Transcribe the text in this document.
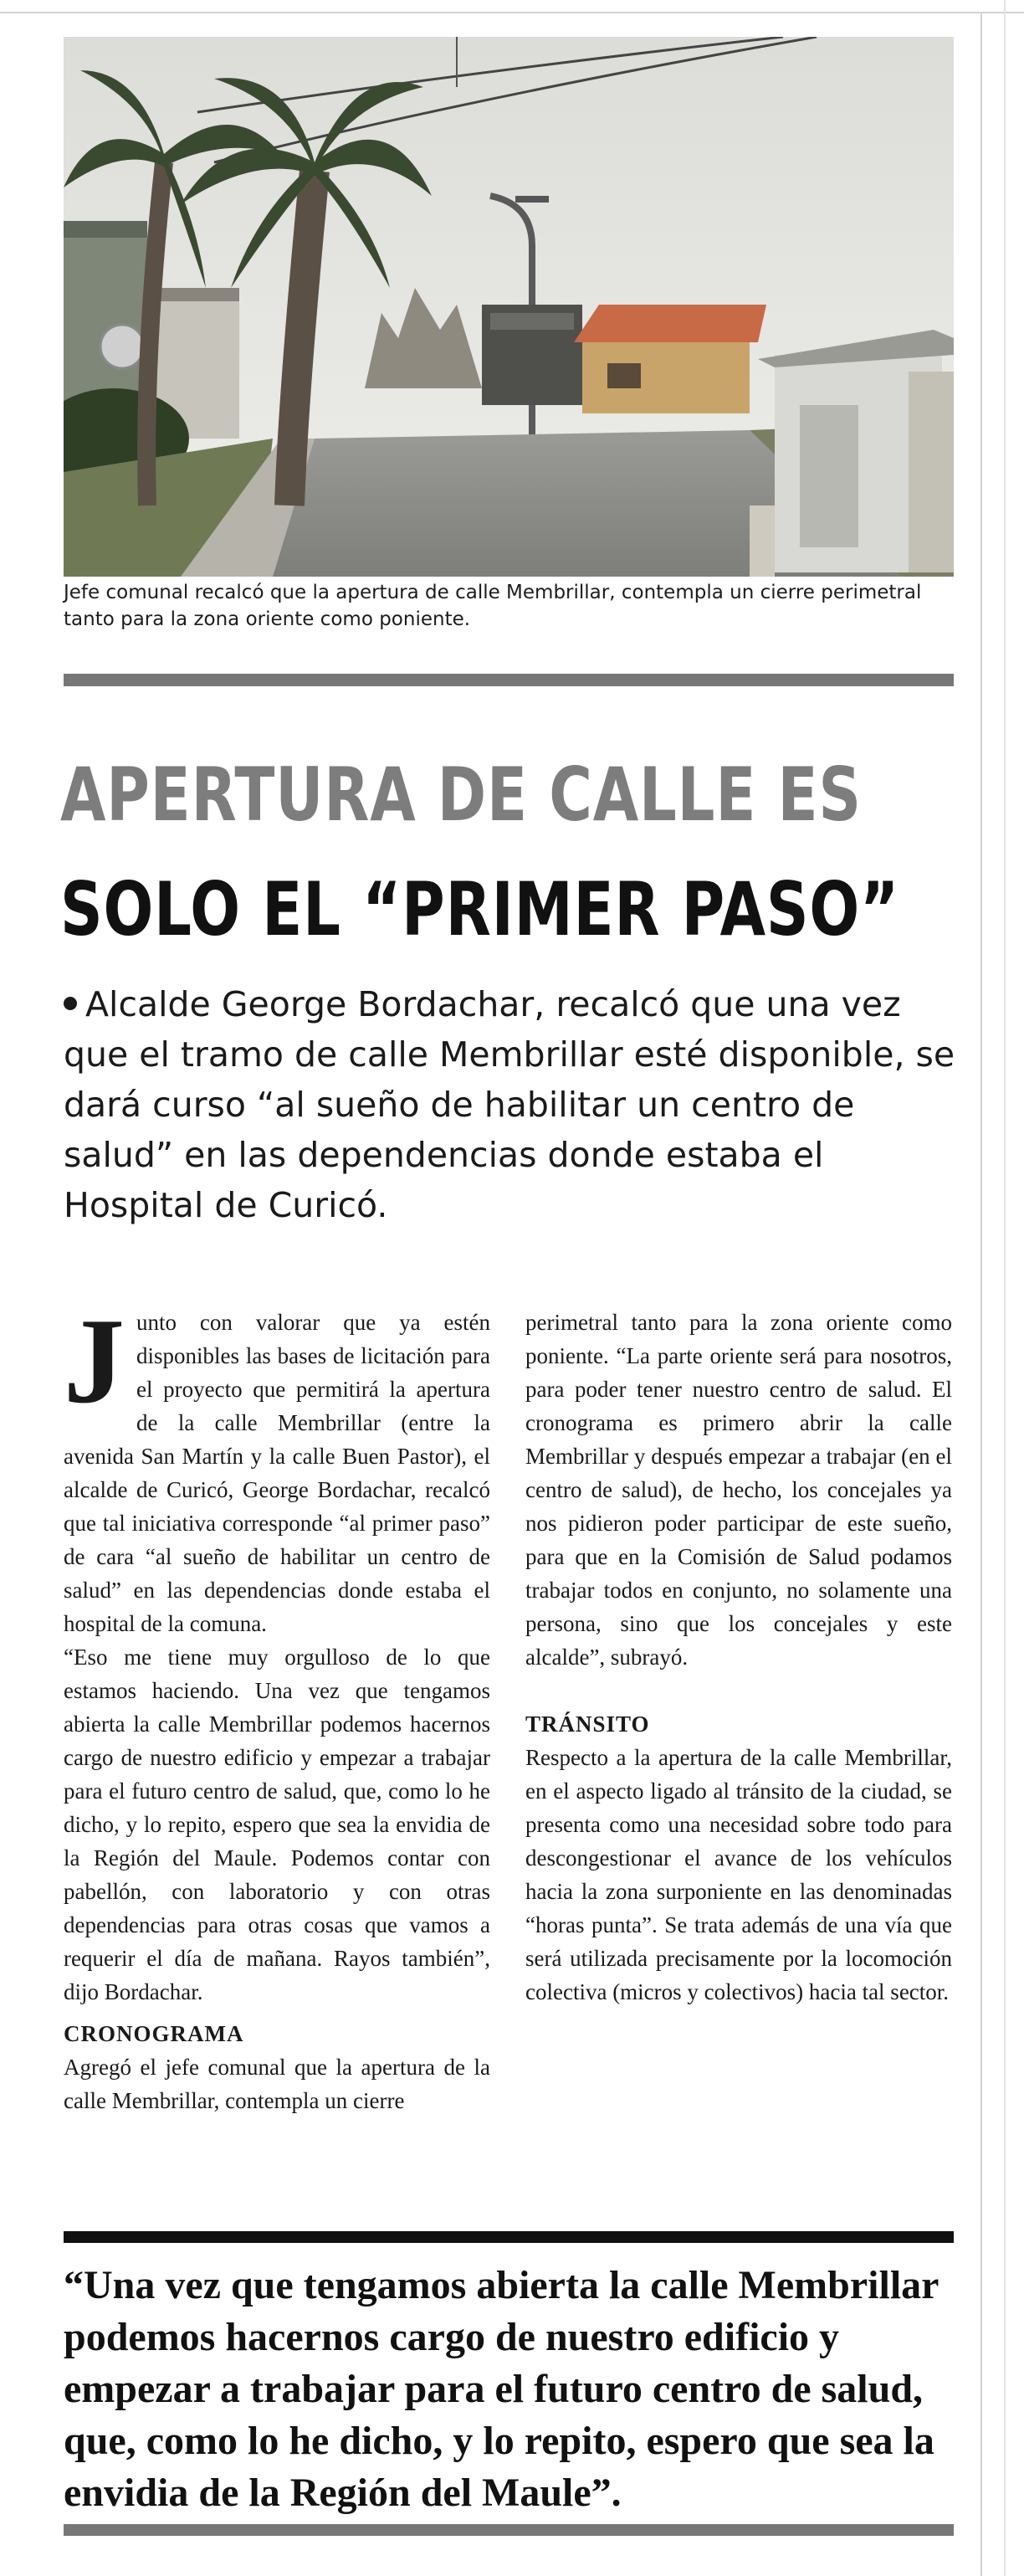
Jefe comunal recalcó que la apertura de calle Membrillar, contempla un cierre perimetral tanto para la zona oriente como poniente.
APERTURA DE CALLE ES
SOLO EL “PRIMER PASO”
Alcalde George Bordachar, recalcó que una vez que el tramo de calle Membrillar esté disponible, se dará curso “al sueño de habilitar un centro de salud” en las dependencias donde estaba el Hospital de Curicó.

Junto con valorar que ya estén disponibles las bases de licitación para el proyecto que permitirá la apertura de la calle Membrillar (entre la avenida San Martín y la calle Buen Pastor), el alcalde de Curicó, George Bordachar, recalcó que tal iniciativa corresponde “al primer paso” de cara “al sueño de habilitar un centro de salud” en las dependencias donde estaba el hospital de la comuna.

“Eso me tiene muy orgulloso de lo que estamos haciendo. Una vez que tengamos abierta la calle Membrillar podemos hacernos cargo de nuestro edificio y empezar a trabajar para el futuro centro de salud, que, como lo he dicho, y lo repito, espero que sea la envidia de la Región del Maule. Podemos contar con pabellón, con laboratorio y con otras dependencias para otras cosas que vamos a requerir el día de mañana. Rayos también”, dijo Bordachar.

CRONOGRAMA

Agregó el jefe comunal que la apertura de la calle Membrillar, contempla un cierre

perimetral tanto para la zona oriente como poniente. “La parte oriente será para nosotros, para poder tener nuestro centro de salud. El cronograma es primero abrir la calle Membrillar y después empezar a trabajar (en el centro de salud), de hecho, los concejales ya nos pidieron poder participar de este sueño, para que en la Comisión de Salud podamos trabajar todos en conjunto, no solamente una persona, sino que los concejales y este alcalde”, subrayó.

TRÁNSITO

Respecto a la apertura de la calle Membrillar, en el aspecto ligado al tránsito de la ciudad, se presenta como una necesidad sobre todo para descongestionar el avance de los vehículos hacia la zona surponiente en las denominadas “horas punta”. Se trata además de una vía que será utilizada precisamente por la locomoción colectiva (micros y colectivos) hacia tal sector.

“Una vez que tengamos abierta la calle Membrillar podemos hacernos cargo de nuestro edificio y empezar a trabajar para el futuro centro de salud, que, como lo he dicho, y lo repito, espero que sea la envidia de la Región del Maule”.
